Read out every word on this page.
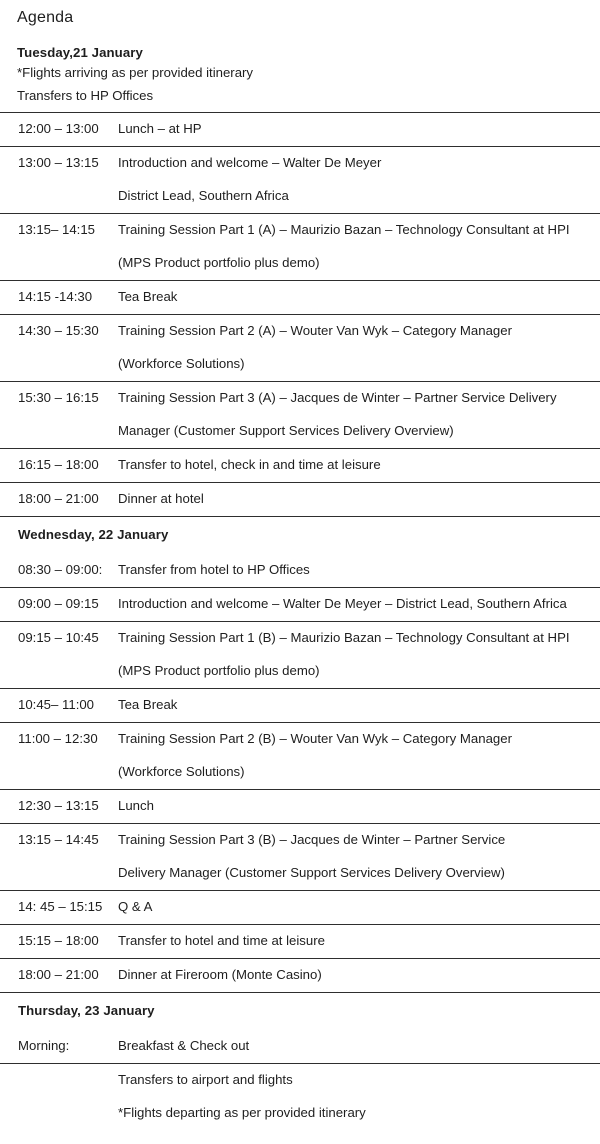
Agenda
Tuesday,21 January
*Flights arriving as per provided itinerary
Transfers to HP Offices
12:00 – 13:00	Lunch – at HP
13:00 – 13:15	Introduction and welcome – Walter De Meyer
District Lead, Southern Africa
13:15– 14:15	Training Session Part 1 (A) – Maurizio Bazan – Technology Consultant at HPI
(MPS Product portfolio plus demo)
14:15 -14:30	Tea Break
14:30 – 15:30	Training Session Part 2 (A) – Wouter Van Wyk – Category Manager
(Workforce Solutions)
15:30 – 16:15	Training Session Part 3 (A) – Jacques de Winter – Partner Service Delivery
Manager (Customer Support Services Delivery Overview)
16:15 – 18:00	Transfer to hotel, check in and time at leisure
18:00 – 21:00	Dinner at hotel
Wednesday, 22 January
08:30 – 09:00:	Transfer from hotel to HP Offices
09:00 – 09:15	Introduction and welcome – Walter De Meyer – District Lead, Southern Africa
09:15 – 10:45	Training Session Part 1 (B) – Maurizio Bazan – Technology Consultant at HPI
(MPS Product portfolio plus demo)
10:45– 11:00	Tea Break
11:00 – 12:30	Training Session Part 2 (B) – Wouter Van Wyk – Category Manager
(Workforce Solutions)
12:30 – 13:15	Lunch
13:15 – 14:45	Training Session Part 3 (B) – Jacques de Winter – Partner Service
Delivery Manager (Customer Support Services Delivery Overview)
14: 45 – 15:15	Q & A
15:15 – 18:00	Transfer to hotel and time at leisure
18:00 – 21:00	Dinner at Fireroom (Monte Casino)
Thursday, 23 January
Morning:	Breakfast & Check out
Transfers to airport and flights
*Flights departing as per provided itinerary
